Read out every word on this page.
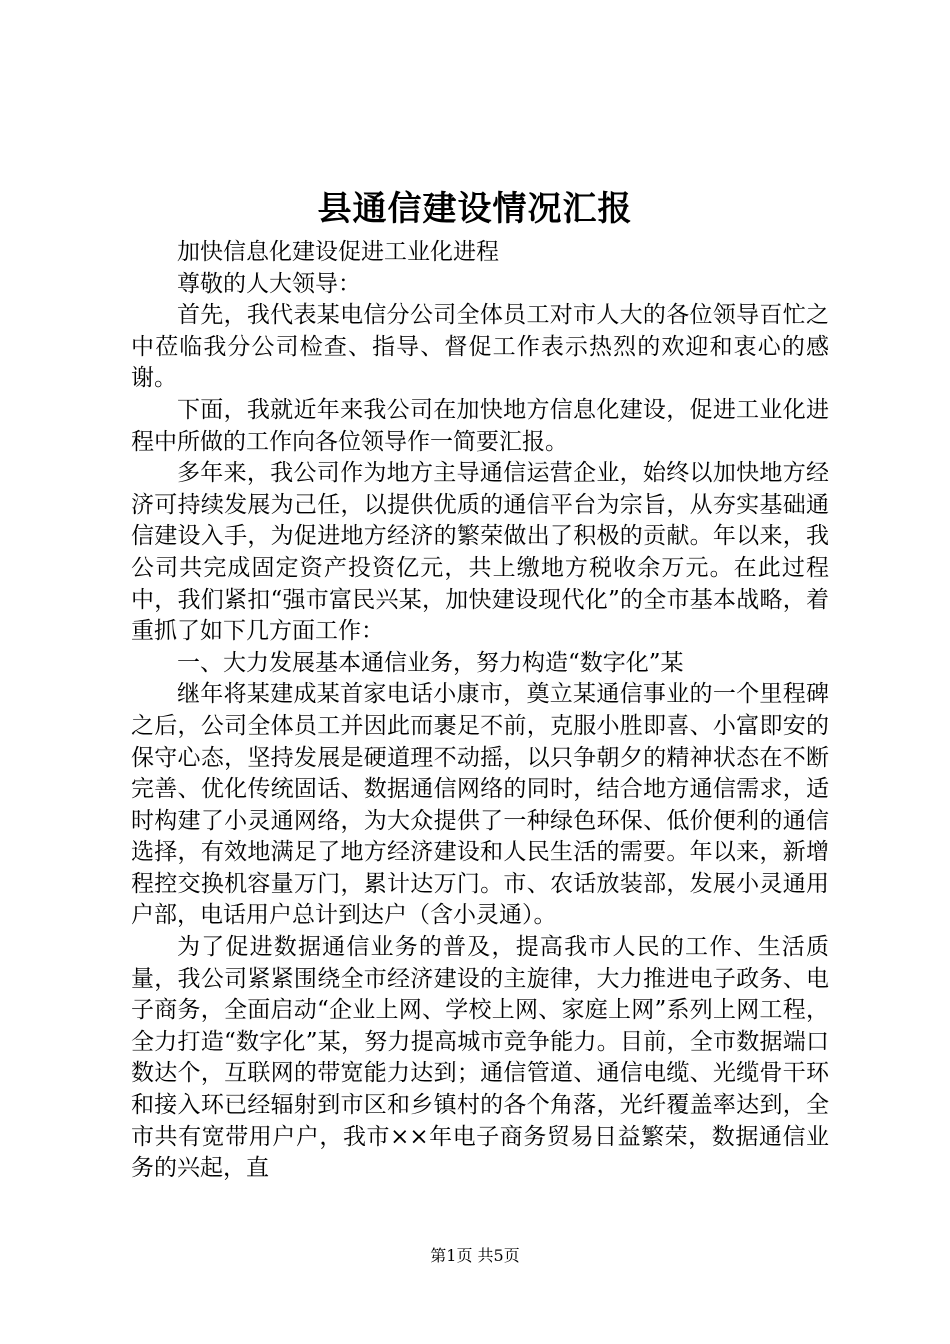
县通信建设情况汇报

加快信息化建设促进工业化进程

尊敬的人大领导：

首先，我代表某电信分公司全体员工对市人大的各位领导百忙之中莅临我分公司检查、指导、督促工作表示热烈的欢迎和衷心的感谢。

下面，我就近年来我公司在加快地方信息化建设，促进工业化进程中所做的工作向各位领导作一简要汇报。

多年来，我公司作为地方主导通信运营企业，始终以加快地方经济可持续发展为己任，以提供优质的通信平台为宗旨，从夯实基础通信建设入手，为促进地方经济的繁荣做出了积极的贡献。年以来，我公司共完成固定资产投资亿元，共上缴地方税收余万元。在此过程中，我们紧扣“强市富民兴某，加快建设现代化”的全市基本战略，着重抓了如下几方面工作：

一、大力发展基本通信业务，努力构造“数字化”某

继年将某建成某首家电话小康市，奠立某通信事业的一个里程碑之后，公司全体员工并因此而裹足不前，克服小胜即喜、小富即安的保守心态，坚持发展是硬道理不动摇，以只争朝夕的精神状态在不断完善、优化传统固话、数据通信网络的同时，结合地方通信需求，适时构建了小灵通网络，为大众提供了一种绿色环保、低价便利的通信选择，有效地满足了地方经济建设和人民生活的需要。年以来，新增程控交换机容量万门，累计达万门。市、农话放装部，发展小灵通用户部，电话用户总计到达户（含小灵通）。

为了促进数据通信业务的普及，提高我市人民的工作、生活质量，我公司紧紧围绕全市经济建设的主旋律，大力推进电子政务、电子商务，全面启动“企业上网、学校上网、家庭上网”系列上网工程，全力打造“数字化”某，努力提高城市竞争能力。目前，全市数据端口数达个，互联网的带宽能力达到；通信管道、通信电缆、光缆骨干环和接入环已经辐射到市区和乡镇村的各个角落，光纤覆盖率达到，全市共有宽带用户户，我市××年电子商务贸易日益繁荣，数据通信业务的兴起，直

第1页 共5页
